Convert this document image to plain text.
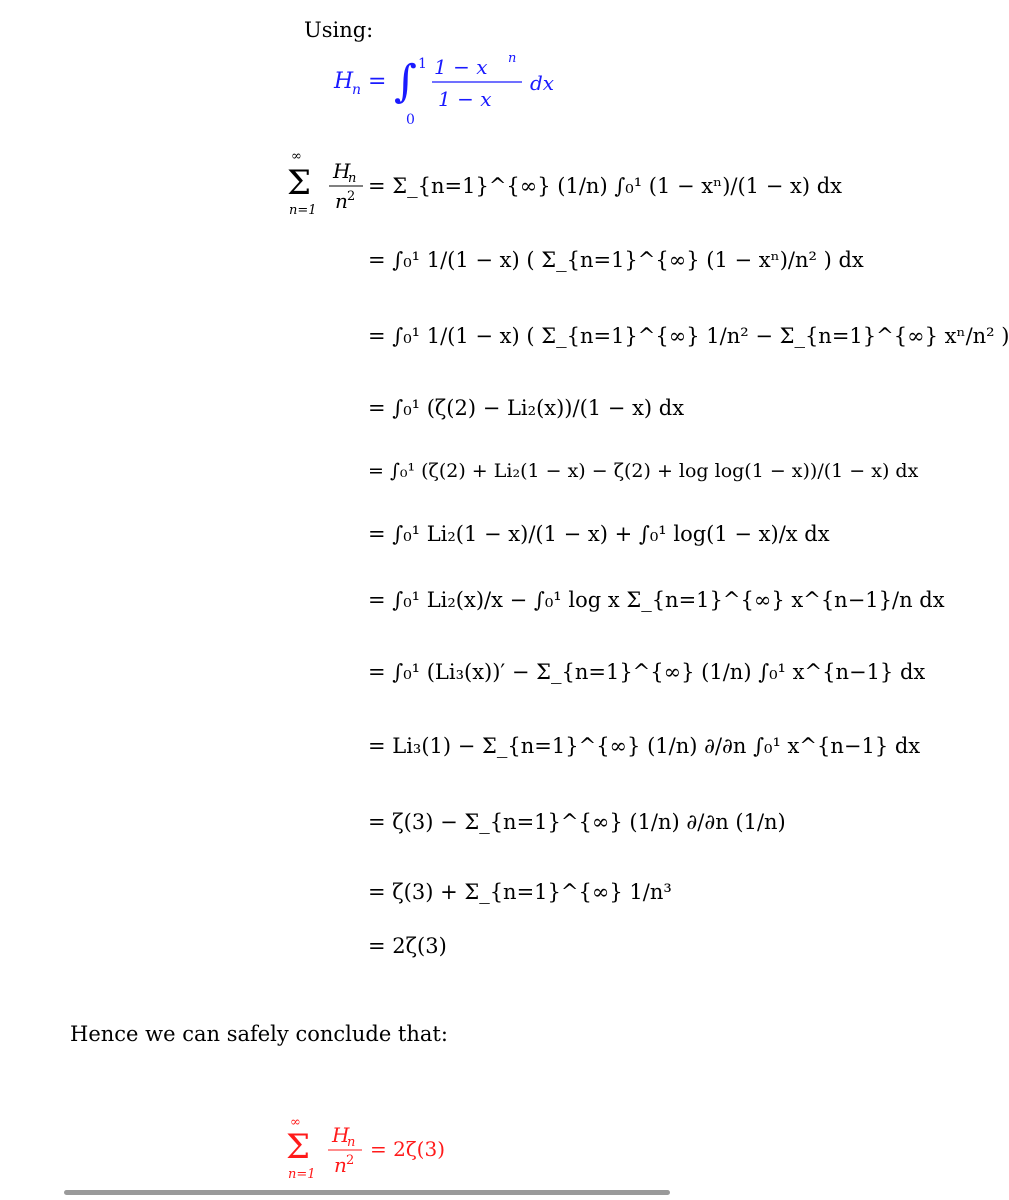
Using:
H
n = ∫ 1
0
1 − x n
1 − x
dx
∞
Σ
n=1
H
n
n 2 = Σ_{n=1}^{∞} (1/n) ∫₀¹ (1 − xⁿ)/(1 − x) dx
= ∫₀¹ 1/(1 − x) ( Σ_{n=1}^{∞} (1 − xⁿ)/n² ) dx
= ∫₀¹ 1/(1 − x) ( Σ_{n=1}^{∞} 1/n² − Σ_{n=1}^{∞} xⁿ/n² )
= ∫₀¹ (ζ(2) − Li₂(x))/(1 − x) dx
= ∫₀¹ (ζ(2) + Li₂(1 − x) − ζ(2) + log log(1 − x))/(1 − x) dx
= ∫₀¹ Li₂(1 − x)/(1 − x) + ∫₀¹ log(1 − x)/x dx
= ∫₀¹ Li₂(x)/x − ∫₀¹ log x Σ_{n=1}^{∞} x^{n−1}/n dx
= ∫₀¹ (Li₃(x))′ − Σ_{n=1}^{∞} (1/n) ∫₀¹ x^{n−1} dx
= Li₃(1) − Σ_{n=1}^{∞} (1/n) ∂/∂n ∫₀¹ x^{n−1} dx
= ζ(3) − Σ_{n=1}^{∞} (1/n) ∂/∂n (1/n)
= ζ(3) + Σ_{n=1}^{∞} 1/n³
= 2ζ(3)
Hence we can safely conclude that:
∞
Σ
n=1
H
n
n 2 = 2ζ(3)
